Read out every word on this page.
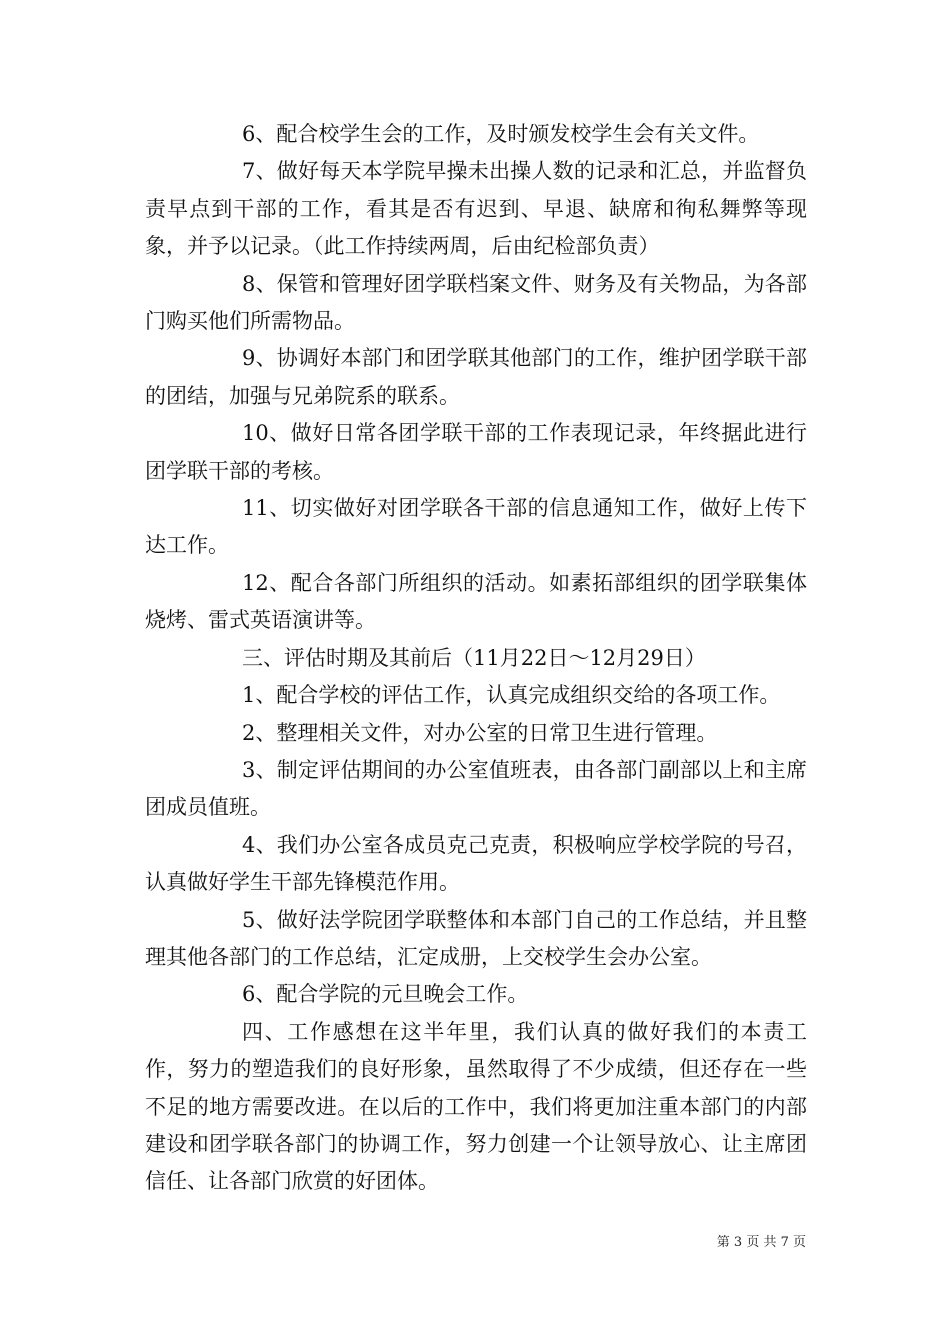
6、配合校学生会的工作，及时颁发校学生会有关文件。

7、做好每天本学院早操未出操人数的记录和汇总，并监督负责早点到干部的工作，看其是否有迟到、早退、缺席和徇私舞弊等现象，并予以记录。（此工作持续两周，后由纪检部负责）

8、保管和管理好团学联档案文件、财务及有关物品，为各部门购买他们所需物品。

9、协调好本部门和团学联其他部门的工作，维护团学联干部的团结，加强与兄弟院系的联系。

10、做好日常各团学联干部的工作表现记录，年终据此进行团学联干部的考核。

11、切实做好对团学联各干部的信息通知工作，做好上传下达工作。

12、配合各部门所组织的活动。如素拓部组织的团学联集体烧烤、雷式英语演讲等。

三、评估时期及其前后（11月22日～12月29日）

1、配合学校的评估工作，认真完成组织交给的各项工作。

2、整理相关文件，对办公室的日常卫生进行管理。

3、制定评估期间的办公室值班表，由各部门副部以上和主席团成员值班。

4、我们办公室各成员克己克责，积极响应学校学院的号召，认真做好学生干部先锋模范作用。

5、做好法学院团学联整体和本部门自己的工作总结，并且整理其他各部门的工作总结，汇定成册，上交校学生会办公室。

6、配合学院的元旦晚会工作。

四、工作感想在这半年里，我们认真的做好我们的本责工作，努力的塑造我们的良好形象，虽然取得了不少成绩，但还存在一些不足的地方需要改进。在以后的工作中，我们将更加注重本部门的内部建设和团学联各部门的协调工作，努力创建一个让领导放心、让主席团信任、让各部门欣赏的好团体。

第 3 页 共 7 页
